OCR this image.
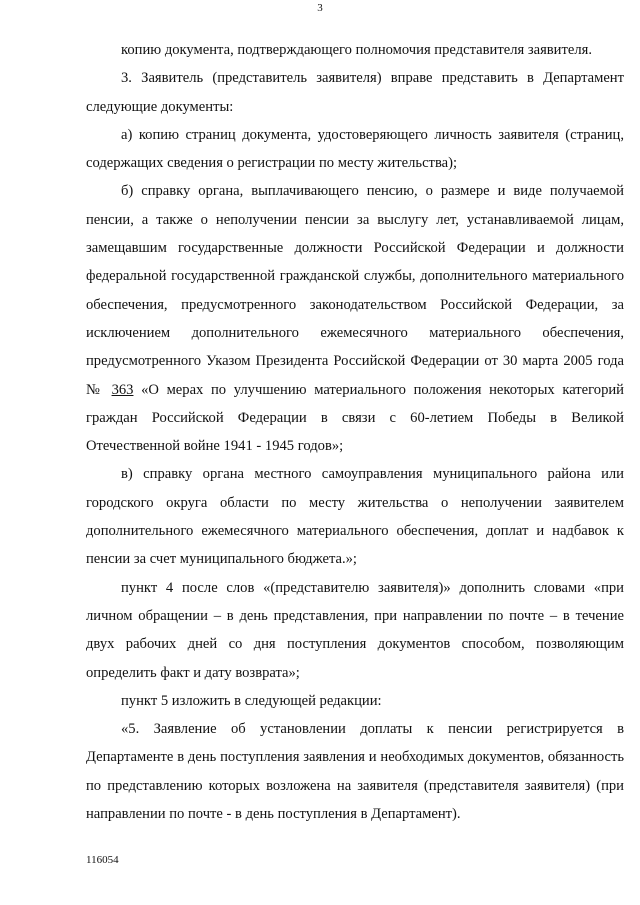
3

копию документа, подтверждающего полномочия представителя заявителя.

3. Заявитель (представитель заявителя) вправе представить в Департамент следующие документы:

а) копию страниц документа, удостоверяющего личность заявителя (страниц, содержащих сведения о регистрации по месту жительства);

б) справку органа, выплачивающего пенсию, о размере и виде получаемой пенсии, а также о неполучении пенсии за выслугу лет, устанавливаемой лицам, замещавшим государственные должности Российской Федерации и должности федеральной государственной гражданской службы, дополнительного материального обеспечения, предусмотренного законодательством Российской Федерации, за исключением дополнительного ежемесячного материального обеспечения, предусмотренного Указом Президента Российской Федерации от 30 марта 2005 года № 363 «О мерах по улучшению материального положения некоторых категорий граждан Российской Федерации в связи с 60-летием Победы в Великой Отечественной войне 1941 - 1945 годов»;

в) справку органа местного самоуправления муниципального района или городского округа области по месту жительства о неполучении заявителем дополнительного ежемесячного материального обеспечения, доплат и надбавок к пенсии за счет муниципального бюджета.»;

пункт 4 после слов «(представителю заявителя)» дополнить словами «при личном обращении – в день представления, при направлении по почте – в течение двух рабочих дней со дня поступления документов способом, позволяющим определить факт и дату возврата»;

пункт 5 изложить в следующей редакции:

«5. Заявление об установлении доплаты к пенсии регистрируется в Департаменте в день поступления заявления и необходимых документов, обязанность по представлению которых возложена на заявителя (представителя заявителя) (при направлении по почте - в день поступления в Департамент).

116054
